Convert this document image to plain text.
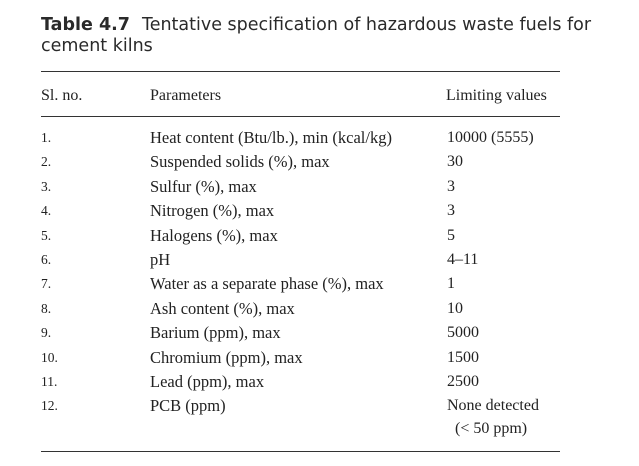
Table 4.7 Tentative specification of hazardous waste fuels for cement kilns

Sl. no.	Parameters	Limiting values
1.	Heat content (Btu/lb.), min (kcal/kg)	10000 (5555)
2.	Suspended solids (%), max	30
3.	Sulfur (%), max	3
4.	Nitrogen (%), max	3
5.	Halogens (%), max	5
6.	pH	4–11
7.	Water as a separate phase (%), max	1
8.	Ash content (%), max	10
9.	Barium (ppm), max	5000
10.	Chromium (ppm), max	1500
11.	Lead (ppm), max	2500
12.	PCB (ppm)	None detected
(< 50 ppm)
